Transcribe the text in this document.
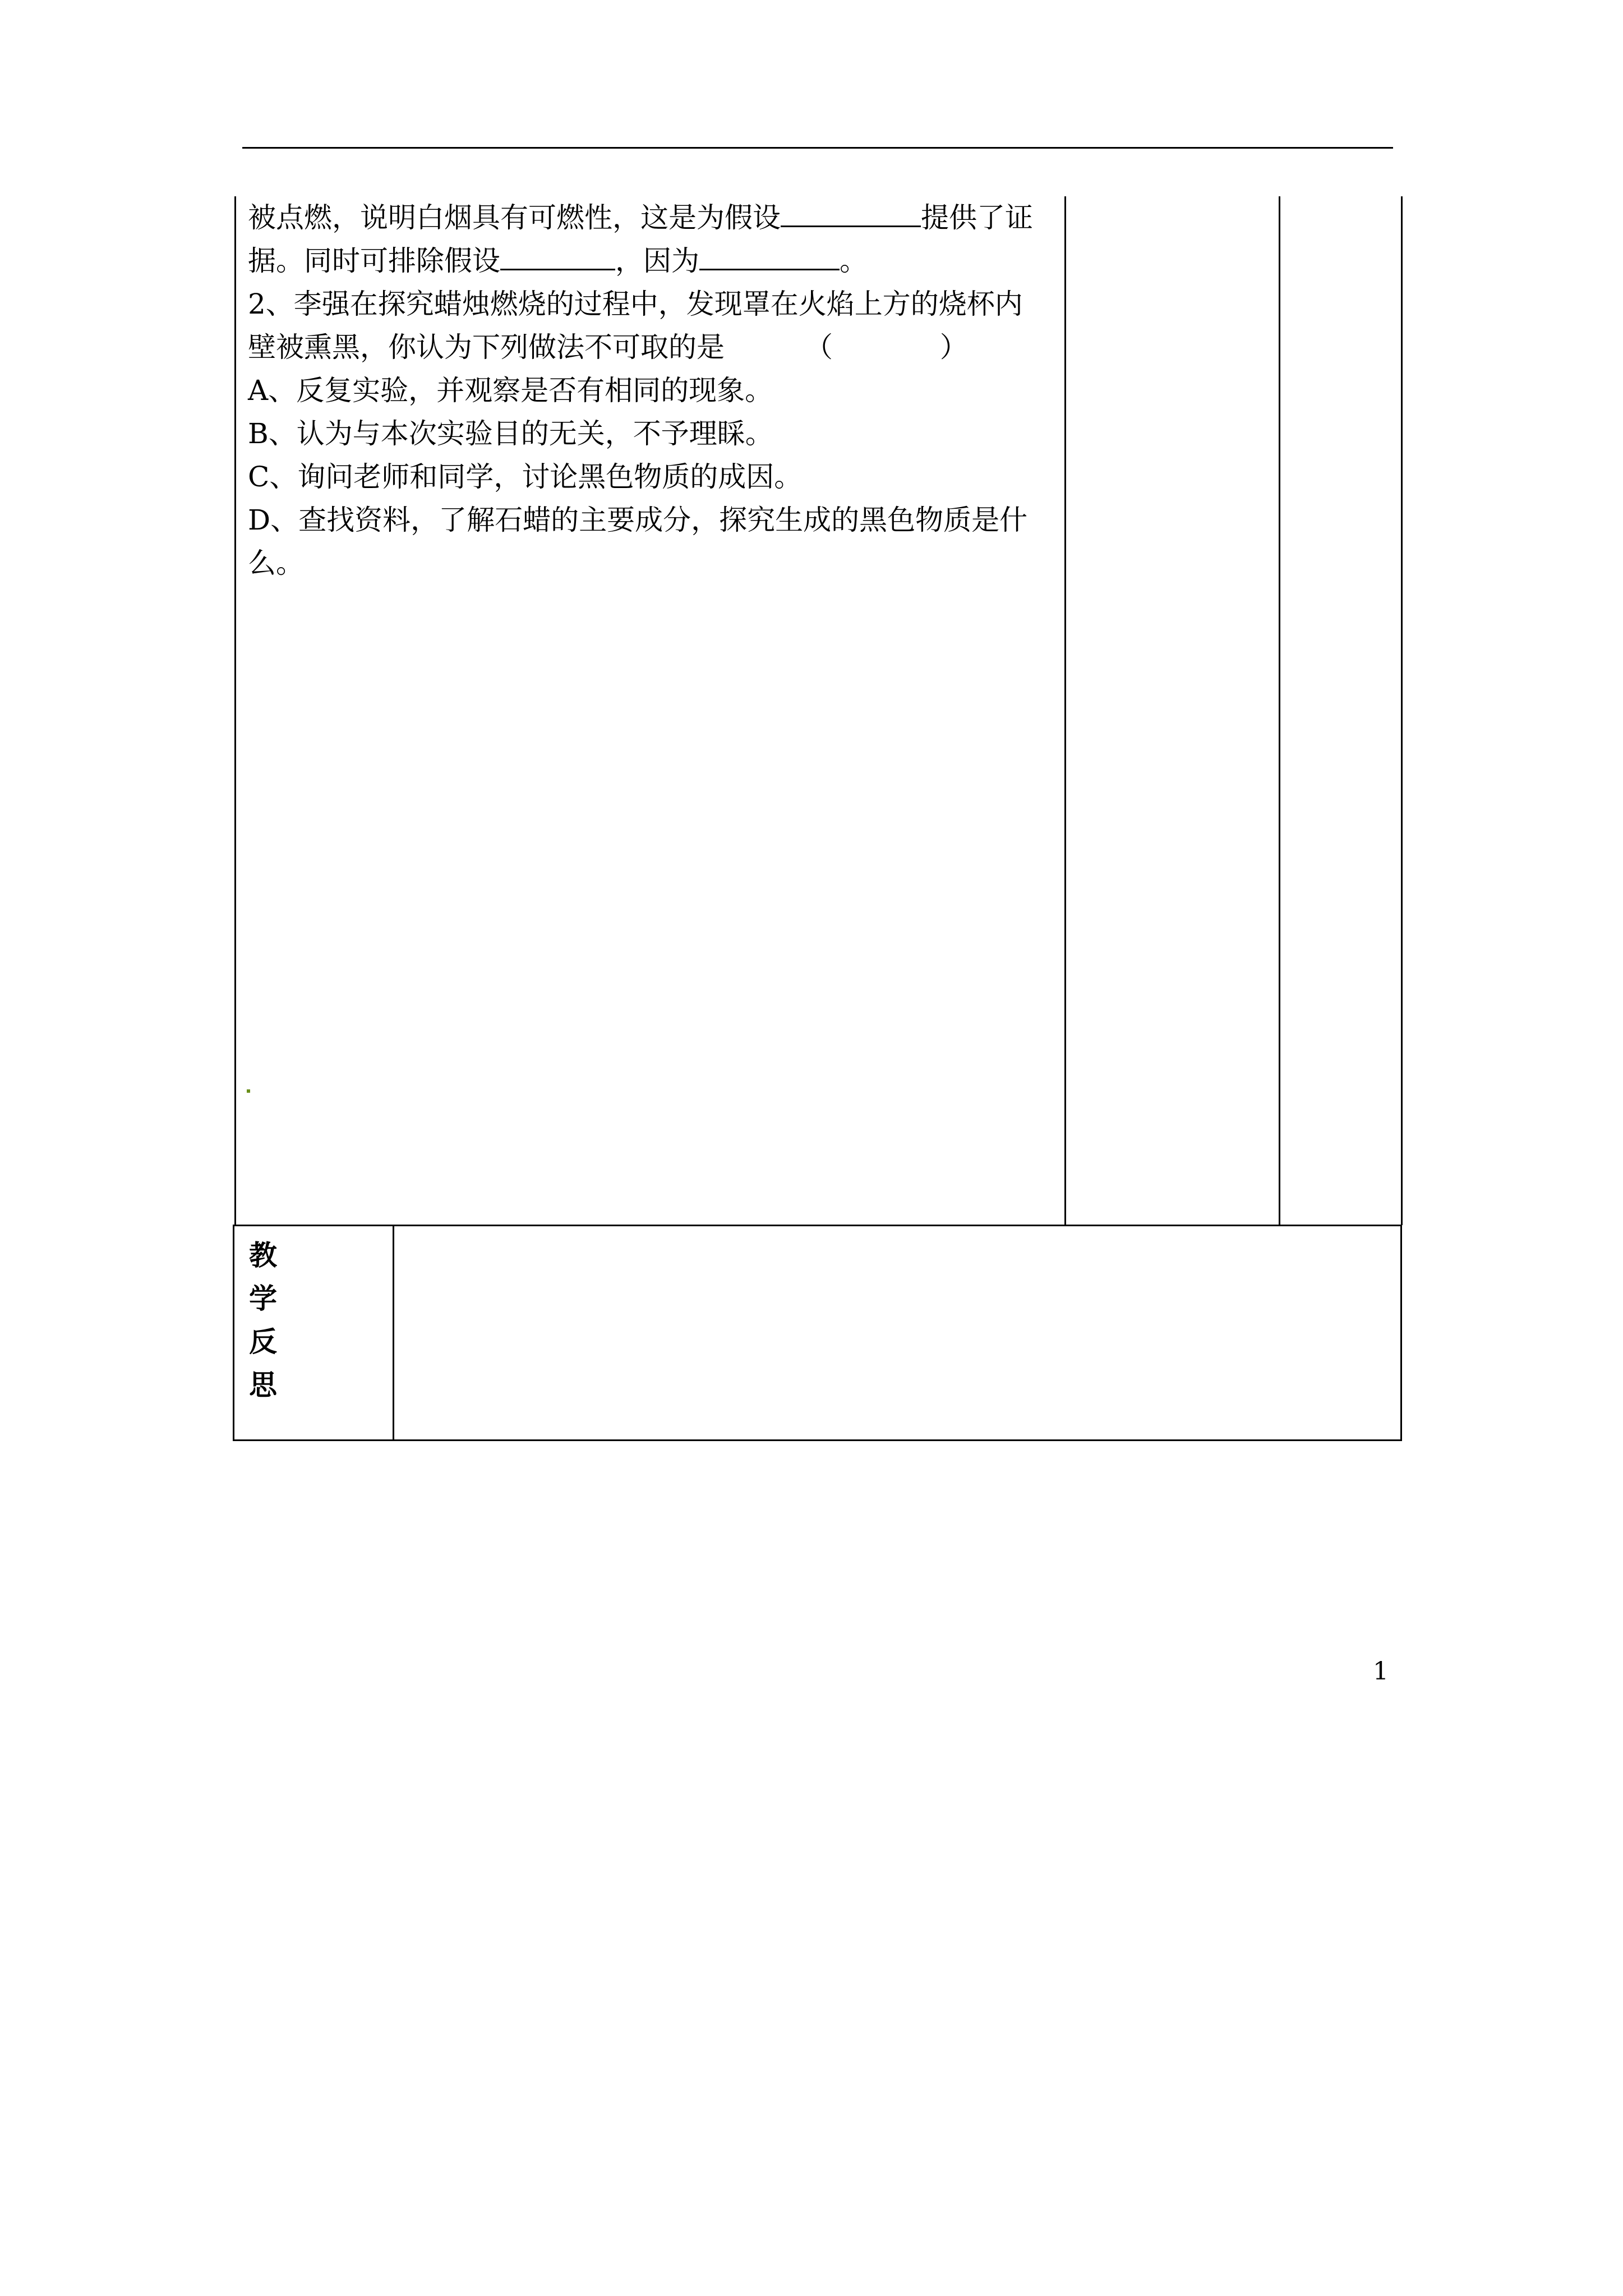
被点燃，说明白烟具有可燃性，这是为假设	提供了证

据。同时可排除假设	，因为	。

2、李强在探究蜡烛燃烧的过程中，发现罩在火焰上方的烧杯内

壁被熏黑，你认为下列做法不可取的是	（            ）

A、反复实验，并观察是否有相同的现象。

B、认为与本次实验目的无关，不予理睬。

C、询问老师和同学，讨论黑色物质的成因。

D、查找资料，了解石蜡的主要成分，探究生成的黑色物质是什

么。

教
学
反
思
1
